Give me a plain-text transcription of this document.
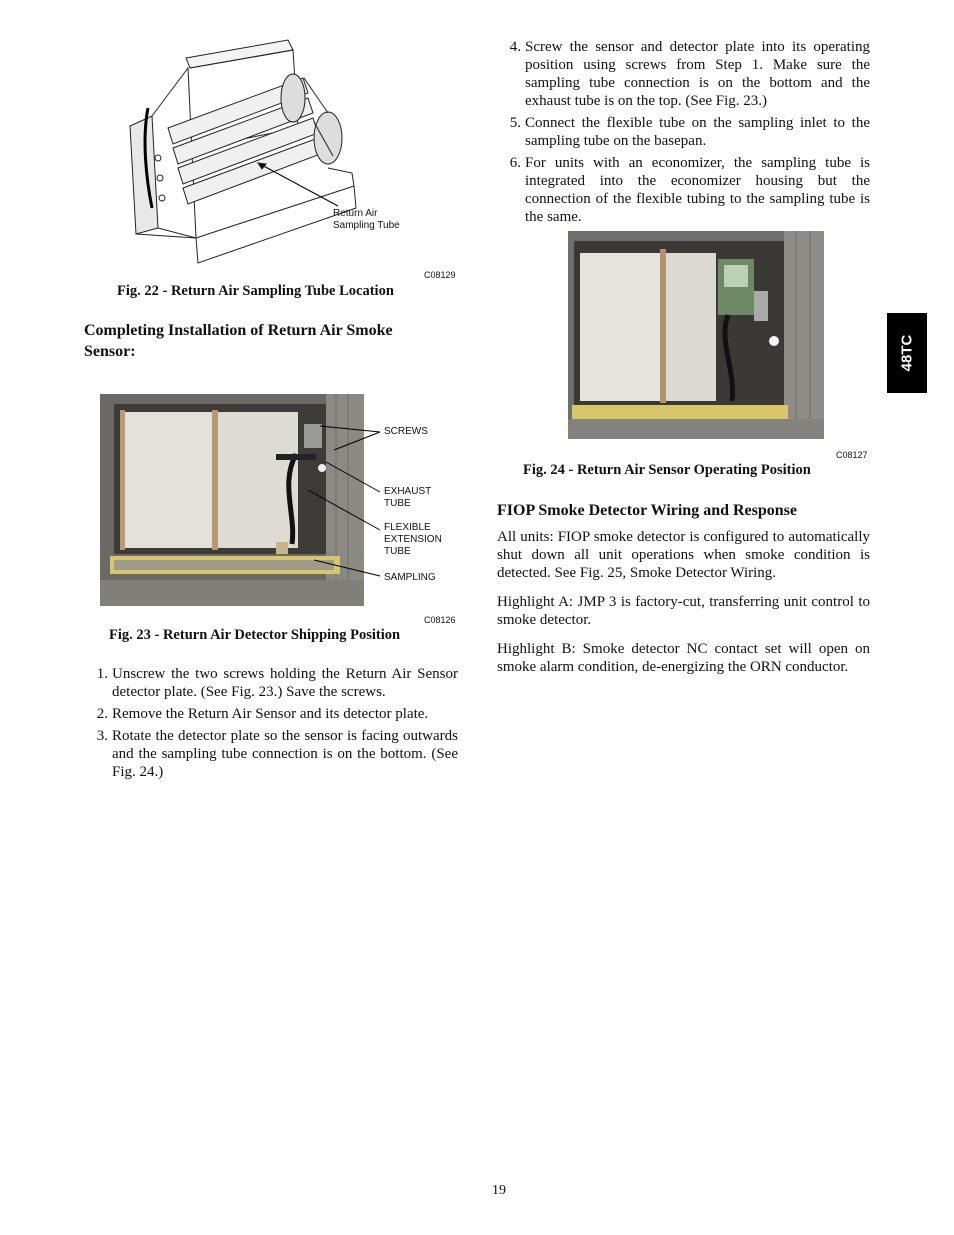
Return Air
Sampling Tube
C08129
Fig. 22 - Return Air Sampling Tube Location
Completing Installation of Return Air Smoke Sensor:
SCREWS
EXHAUST
TUBE
FLEXIBLE
EXTENSION
TUBE
SAMPLING
C08126
Fig. 23 - Return Air Detector Shipping Position
1. Unscrew the two screws holding the Return Air Sensor detector plate. (See Fig. 23.) Save the screws.
2. Remove the Return Air Sensor and its detector plate.
3. Rotate the detector plate so the sensor is facing outwards and the sampling tube connection is on the bottom. (See Fig. 24.)
4. Screw the sensor and detector plate into its operating position using screws from Step 1. Make sure the sampling tube connection is on the bottom and the exhaust tube is on the top. (See Fig. 23.)
5. Connect the flexible tube on the sampling inlet to the sampling tube on the basepan.
6. For units with an economizer, the sampling tube is integrated into the economizer housing but the connection of the flexible tubing to the sampling tube is the same.
C08127
Fig. 24 - Return Air Sensor Operating Position
FIOP Smoke Detector Wiring and Response

All units: FIOP smoke detector is configured to automatically shut down all unit operations when smoke condition is detected. See Fig. 25, Smoke Detector Wiring.

Highlight A: JMP 3 is factory-cut, transferring unit control to smoke detector.

Highlight B: Smoke detector NC contact set will open on smoke alarm condition, de-energizing the ORN conductor.

48TC
19
